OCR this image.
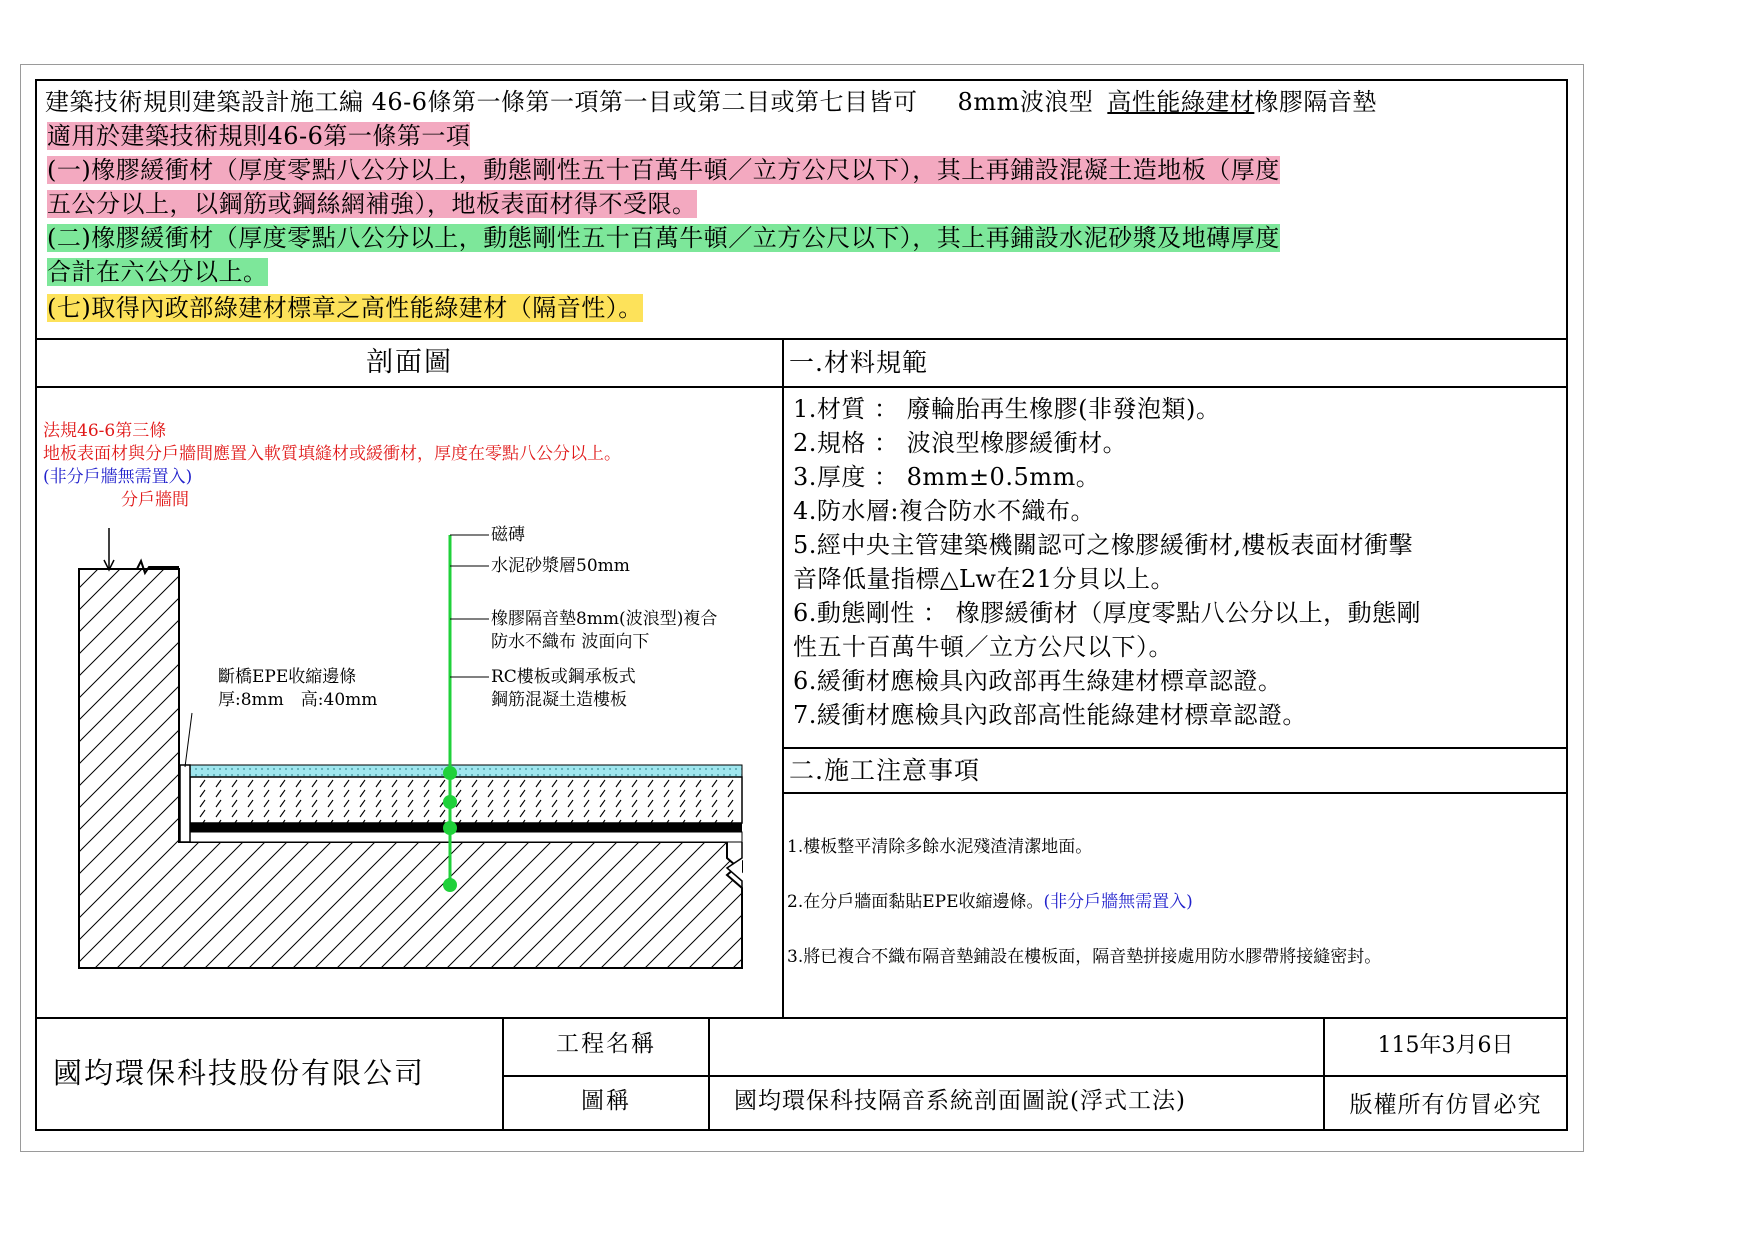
建築技術規則建築設計施工編 46-6條第一條第一項第一目或第二目或第七目皆可 8mm波浪型 高性能綠建材橡膠隔音墊
適用於建築技術規則46-6第一條第一項
(一)橡膠緩衝材（厚度零點八公分以上，動態剛性五十百萬牛頓／立方公尺以下），其上再鋪設混凝土造地板（厚度
五公分以上，以鋼筋或鋼絲網補強），地板表面材得不受限。
(二)橡膠緩衝材（厚度零點八公分以上，動態剛性五十百萬牛頓／立方公尺以下），其上再鋪設水泥砂漿及地磚厚度
合計在六公分以上。
(七)取得內政部綠建材標章之高性能綠建材（隔音性）。
剖面圖	一.材料規範
法規46-6第三條
地板表面材與分戶牆間應置入軟質填縫材或緩衝材，厚度在零點八公分以上。
(非分戶牆無需置入)
分戶牆間
磁磚
水泥砂漿層50mm
橡膠隔音墊8mm(波浪型)複合
防水不織布 波面向下
RC樓板或鋼承板式
鋼筋混凝土造樓板
斷橋EPE收縮邊條
厚:8mm　高:40mm
1.材質 ： 廢輪胎再生橡膠(非發泡類)。
2.規格 ： 波浪型橡膠緩衝材。
3.厚度 ： 8mm±0.5mm。
4.防水層:複合防水不織布。
5.經中央主管建築機關認可之橡膠緩衝材,樓板表面材衝擊
音降低量指標△Lw在21分貝以上。
6.動態剛性 ： 橡膠緩衝材（厚度零點八公分以上，動態剛
性五十百萬牛頓／立方公尺以下）。
6.緩衝材應檢具內政部再生綠建材標章認證。
7.緩衝材應檢具內政部高性能綠建材標章認證。
二.施工注意事項
1.樓板整平清除多餘水泥殘渣清潔地面。
2.在分戶牆面黏貼EPE收縮邊條。(非分戶牆無需置入)
3.將已複合不織布隔音墊鋪設在樓板面，隔音墊拼接處用防水膠帶將接縫密封。
國均環保科技股份有限公司
工程名稱
圖稱	國均環保科技隔音系統剖面圖說(浮式工法)
115年3月6日
版權所有仿冒必究
